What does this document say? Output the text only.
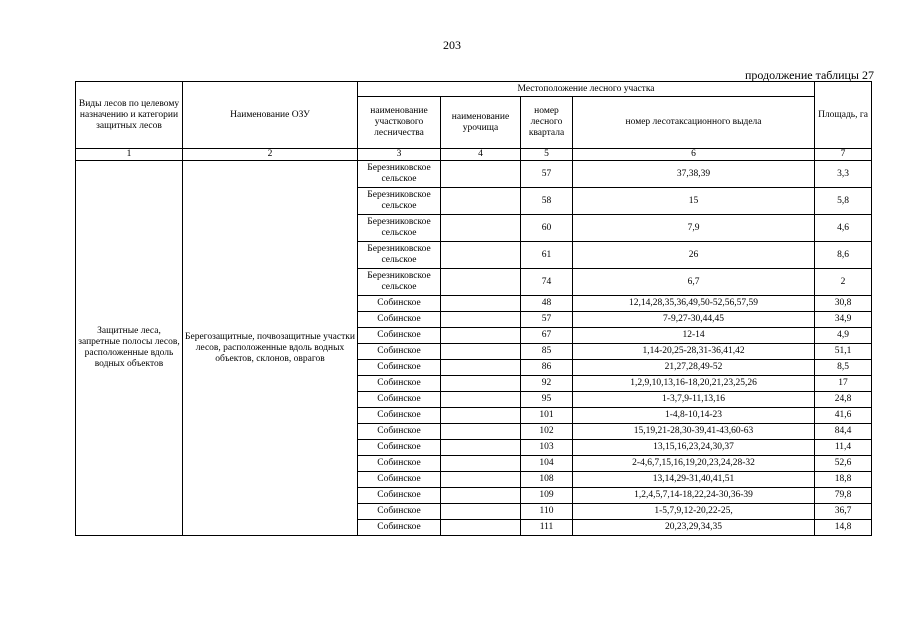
203
продолжение таблицы 27
Виды лесов по целевому назначению и категории защитных лесов	Наименование ОЗУ	Местоположение лесного участка				Площадь, га
		наименование участкового лесничества	наименование урочища	номер лесного квартала	номер лесотаксационного выдела	
1	2	3	4	5	6	7
Защитные леса, запретные полосы лесов, расположенные вдоль водных объектов	Берегозащитные, почвозащитные участки лесов, расположенные вдоль водных объектов, склонов, оврагов	Березниковское сельское		57	37,38,39	3,3
		Березниковское сельское		58	15	5,8
		Березниковское сельское		60	7,9	4,6
		Березниковское сельское		61	26	8,6
		Березниковское сельское		74	6,7	2
		Собинское		48	12,14,28,35,36,49,50-52,56,57,59	30,8
		Собинское		57	7-9,27-30,44,45	34,9
		Собинское		67	12-14	4,9
		Собинское		85	1,14-20,25-28,31-36,41,42	51,1
		Собинское		86	21,27,28,49-52	8,5
		Собинское		92	1,2,9,10,13,16-18,20,21,23,25,26	17
		Собинское		95	1-3,7,9-11,13,16	24,8
		Собинское		101	1-4,8-10,14-23	41,6
		Собинское		102	15,19,21-28,30-39,41-43,60-63	84,4
		Собинское		103	13,15,16,23,24,30,37	11,4
		Собинское		104	2-4,6,7,15,16,19,20,23,24,28-32	52,6
		Собинское		108	13,14,29-31,40,41,51	18,8
		Собинское		109	1,2,4,5,7,14-18,22,24-30,36-39	79,8
		Собинское		110	1-5,7,9,12-20,22-25,	36,7
		Собинское		111	20,23,29,34,35	14,8
